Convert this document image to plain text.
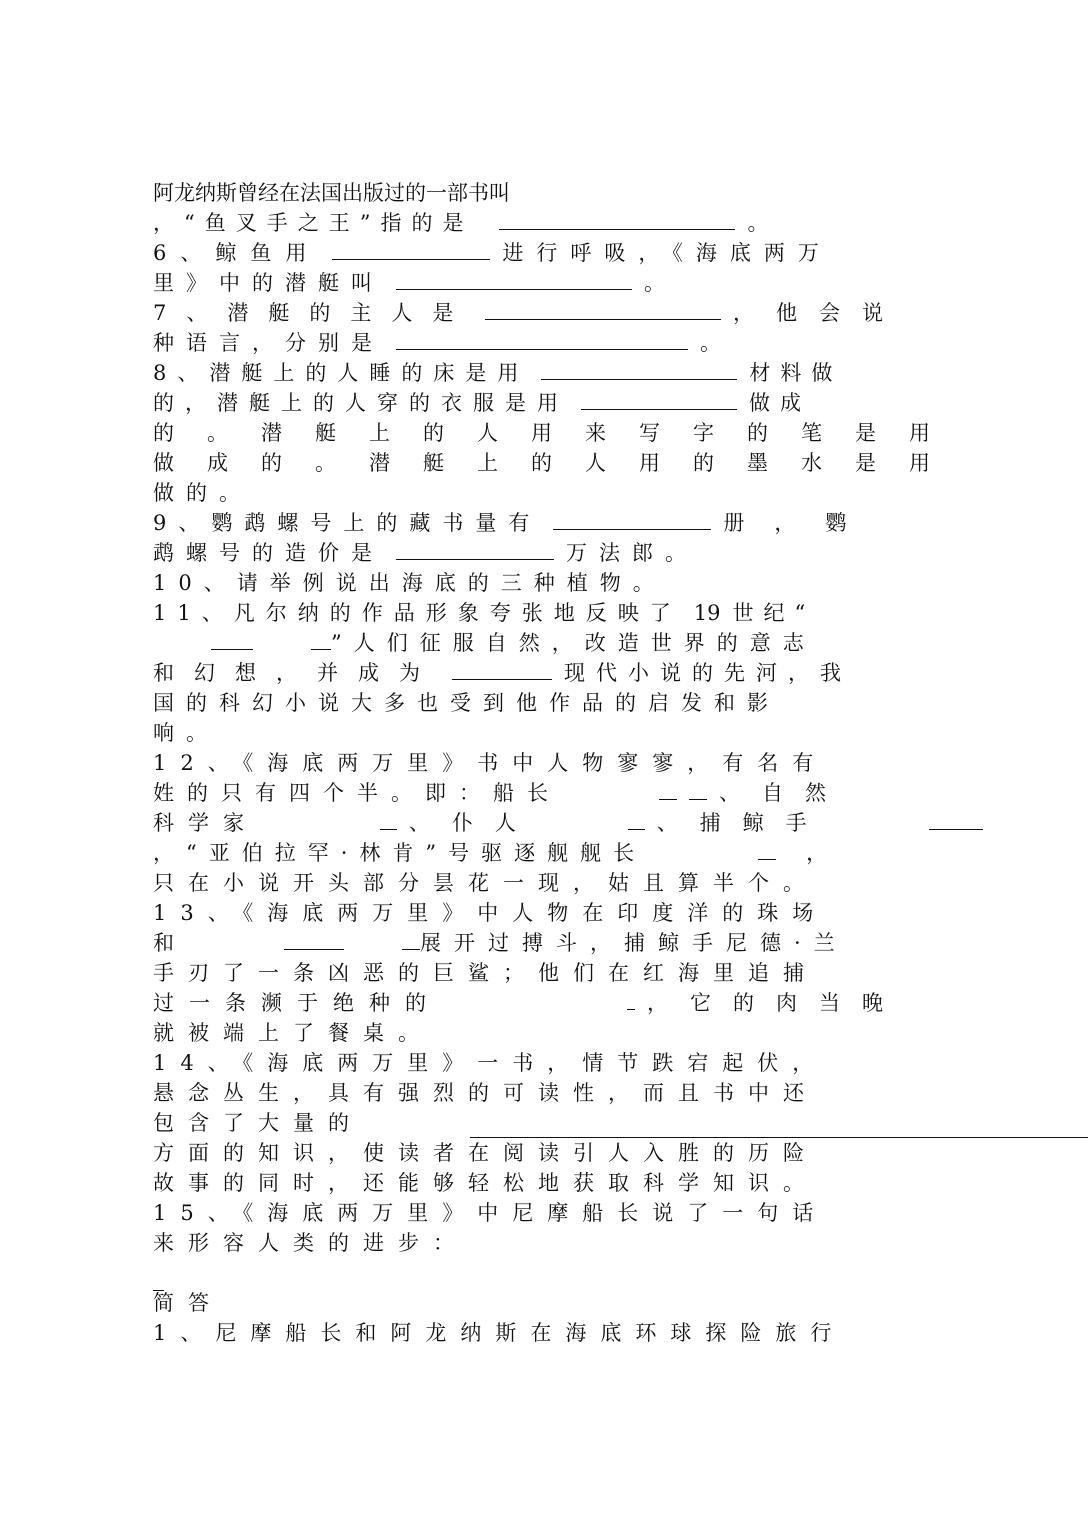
阿龙纳斯曾经在法国出版过的一部书叫
，“鱼叉手之王”指的是	。
6、鲸鱼用	进行呼吸，《海底两万
里》中的潜艇叫	。
7、潜艇的主人是	，他会说
种语言，分别是	。
8、潜艇上的人睡的床是用	材料做
的，潜艇上的人穿的衣服是用	做成
的。潜艇上的人用来写字的笔是用
做成的。潜艇上的人用的墨水是用
做的。
9、鹦鹉螺号上的藏书量有	册，鹦
鹉螺号的造价是	万法郎。
10、请举例说出海底的三种植物。
11、凡尔纳的作品形象夸张地反映了 19 世纪“
”人们征服自然，改造世界的意志
和幻想，并成为	现代小说的先河，我
国的科幻小说大多也受到他作品的启发和影
响。
12、《海底两万里》书中人物寥寥，有名有
姓的只有四个半。即：船长	、自然
科学家	、仆人	、捕鲸手
，“亚伯拉罕·林肯”号驱逐舰舰长	，
只在小说开头部分昙花一现，姑且算半个。
13、《海底两万里》中人物在印度洋的珠场
和	展开过搏斗，捕鲸手尼德·兰
手刃了一条凶恶的巨鲨；他们在红海里追捕
过一条濒于绝种的	，它的肉当晚
就被端上了餐桌。
14、《海底两万里》一书，情节跌宕起伏，
悬念丛生，具有强烈的可读性，而且书中还
包含了大量的
方面的知识，使读者在阅读引人入胜的历险
故事的同时，还能够轻松地获取科学知识。
15、《海底两万里》中尼摩船长说了一句话
来形容人类的进步：
简答
1、尼摩船长和阿龙纳斯在海底环球探险旅行
